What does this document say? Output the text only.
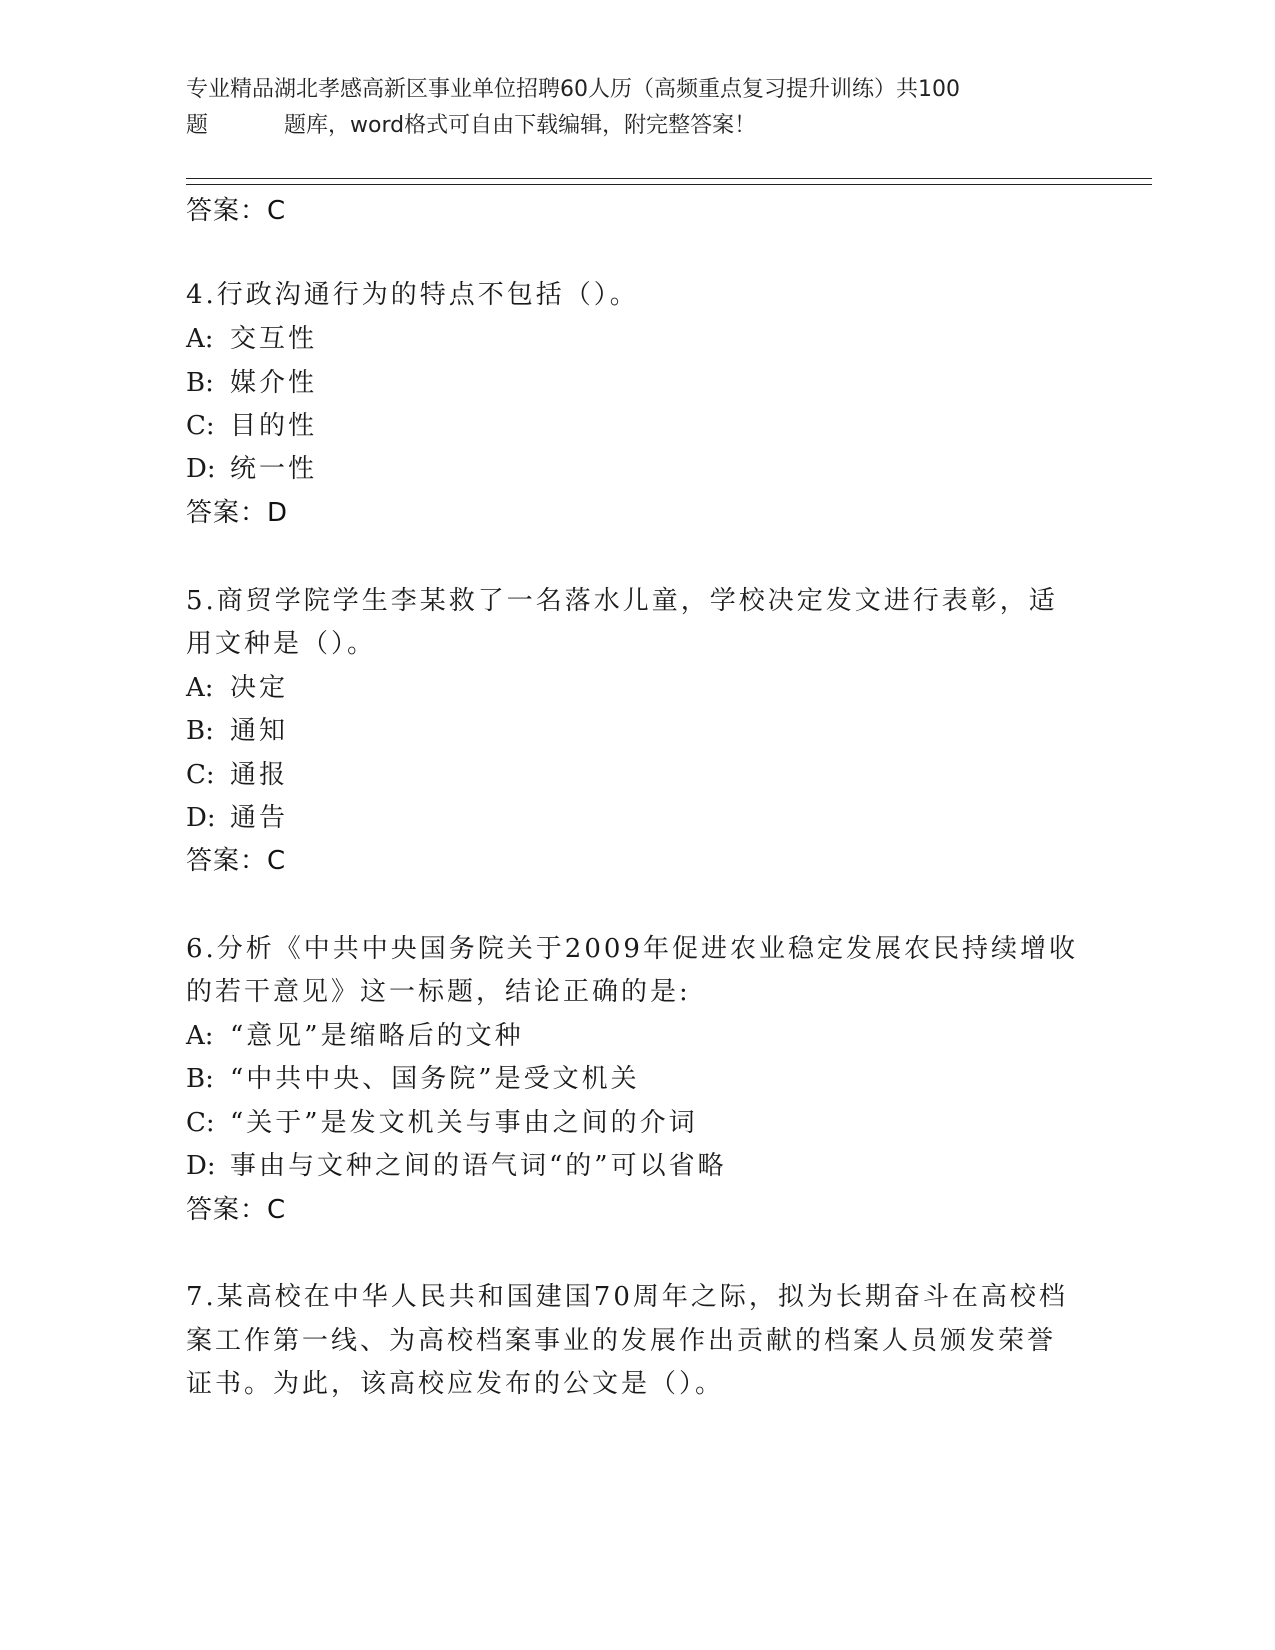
专业精品湖北孝感高新区事业单位招聘60人历（高频重点复习提升训练）共100
题	题库，word格式可自由下载编辑，附完整答案！
答案：C
4.行政沟通行为的特点不包括（）。
A: 交互性
B: 媒介性
C: 目的性
D: 统一性
答案：D
5.商贸学院学生李某救了一名落水儿童，学校决定发文进行表彰，适
用文种是（）。
A: 决定
B: 通知
C: 通报
D: 通告
答案：C
6.分析《中共中央国务院关于2009年促进农业稳定发展农民持续增收
的若干意见》这一标题，结论正确的是:
A: “意见”是缩略后的文种
B: “中共中央、国务院”是受文机关
C: “关于”是发文机关与事由之间的介词
D: 事由与文种之间的语气词“的”可以省略
答案：C
7.某高校在中华人民共和国建国70周年之际，拟为长期奋斗在高校档
案工作第一线、为高校档案事业的发展作出贡献的档案人员颁发荣誉
证书。为此，该高校应发布的公文是（）。
